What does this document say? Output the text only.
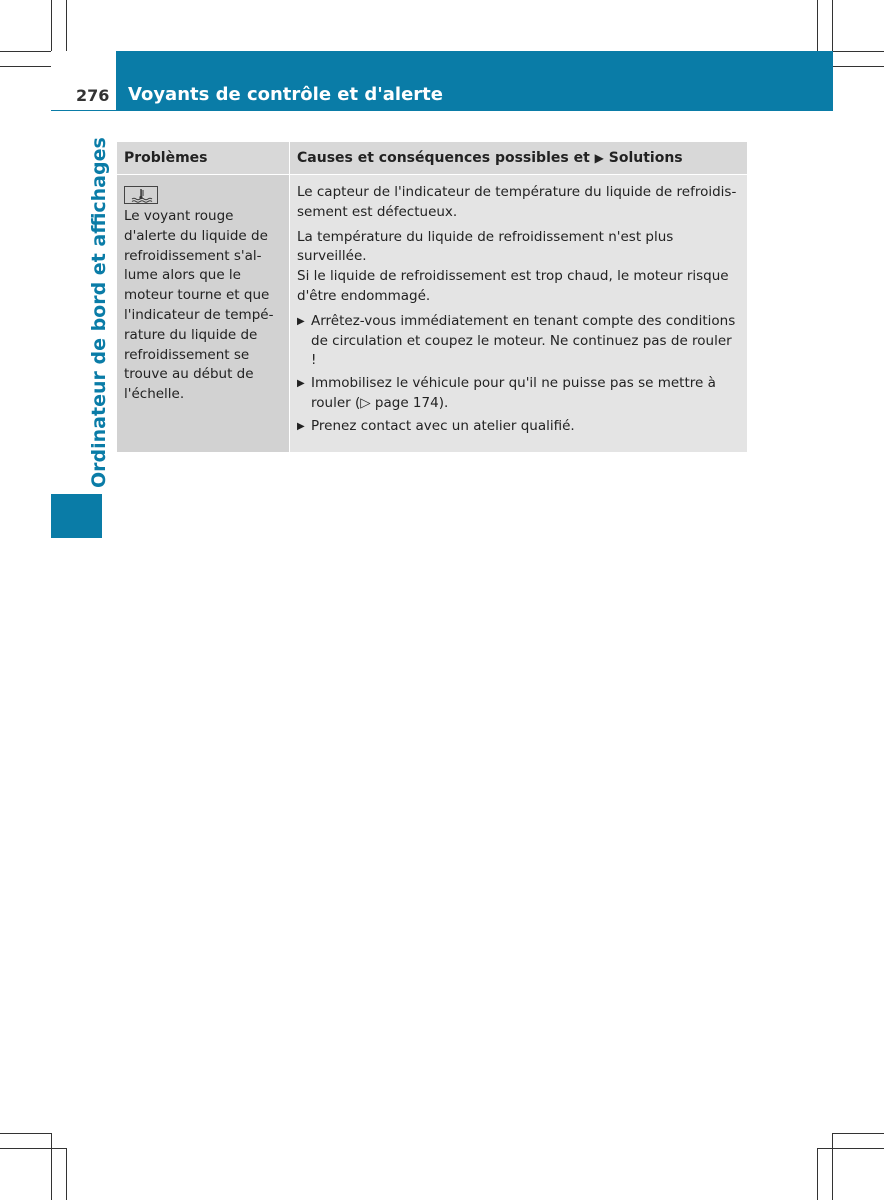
276 Voyants de contrôle et d'alerte
Ordinateur de bord et affichages	Problèmes	Causes et conséquences possibles et ▶ Solutions
Le voyant rouge
d'alerte du liquide de
refroidissement s'al-
lume alors que le
moteur tourne et que
l'indicateur de tempé-
rature du liquide de
refroidissement se
trouve au début de
l'échelle.

Le capteur de l'indicateur de température du liquide de refroidis-
sement est défectueux.

La température du liquide de refroidissement n'est plus surveillée.
Si le liquide de refroidissement est trop chaud, le moteur risque
d'être endommagé.

▶ Arrêtez-vous immédiatement en tenant compte des conditions
de circulation et coupez le moteur. Ne continuez pas de rouler !
▶ Immobilisez le véhicule pour qu'il ne puisse pas se mettre à
rouler (▷ page 174).
▶ Prenez contact avec un atelier qualifié.
